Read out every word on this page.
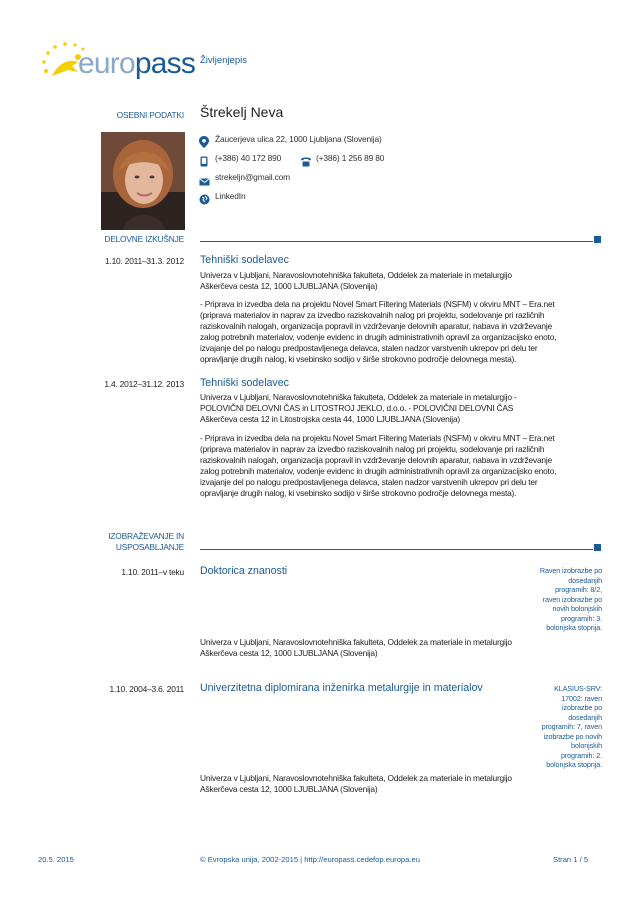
europass Življenjepis
OSEBNI PODATKI Štrekelj Neva
Žaucerjeva ulica 22, 1000 Ljubljana (Slovenija)
(+386) 40 172 890	(+386) 1 256 89 80
strekeljn@gmail.com
LinkedIn
DELOVNE IZKUŠNJE
1.10. 2011–31.3. 2012 Tehniški sodelavec
Univerza v Ljubljani, Naravoslovnotehniška fakulteta, Oddelek za materiale in metalurgijo
Aškerčeva cesta 12, 1000 LJUBLJANA (Slovenija)
- Priprava in izvedba dela na projektu Novel Smart Filtering Materials (NSFM) v okviru MNT – Era.net
(priprava materialov in naprav za izvedbo raziskovalnih nalog pri projektu, sodelovanje pri različnih
raziskovalnih nalogah, organizacija popravil in vzdrževanje delovnih aparatur, nabava in vzdrževanje
zalog potrebnih materialov, vodenje evidenc in drugih administrativnih opravil za organizacijsko enoto,
izvajanje del po nalogu predpostavljenega delavca, stalen nadzor varstvenih ukrepov pri delu ter
opravljanje drugih nalog, ki vsebinsko sodijo v širše strokovno področje delovnega mesta).
1.4. 2012–31.12. 2013 Tehniški sodelavec
Univerza v Ljubljani, Naravoslovnotehniška fakulteta, Oddelek za materiale in metalurgijo -
POLOVIČNI DELOVNI ČAS in LITOSTROJ JEKLO, d.o.o. - POLOVIČNI DELOVNI ČAS
Aškerčeva cesta 12 in Litostrojska cesta 44, 1000 LJUBLJANA (Slovenija)
- Priprava in izvedba dela na projektu Novel Smart Filtering Materials (NSFM) v okviru MNT – Era.net
(priprava materialov in naprav za izvedbo raziskovalnih nalog pri projektu, sodelovanje pri različnih
raziskovalnih nalogah, organizacija popravil in vzdrževanje delovnih aparatur, nabava in vzdrževanje
zalog potrebnih materialov, vodenje evidenc in drugih administrativnih opravil za organizacijsko enoto,
izvajanje del po nalogu predpostavljenega delavca, stalen nadzor varstvenih ukrepov pri delu ter
opravljanje drugih nalog, ki vsebinsko sodijo v širše strokovno področje delovnega mesta).
IZOBRAŽEVANJE IN
USPOSABLJANJE
1.10. 2011–v teku Doktorica znanosti	Raven izobrazbe po
dosedanjih
programih: 8/2,
raven izobrazbe po
novih bolonjskih
programih: 3.
bolonjska stopnja.
Univerza v Ljubljani, Naravoslovnotehniška fakulteta, Oddelek za materiale in metalurgijo
Aškerčeva cesta 12, 1000 LJUBLJANA (Slovenija)
1.10. 2004–3.6. 2011 Univerzitetna diplomirana inženirka metalurgije in materialov	KLASIUS-SRV:
17002: raven
izobrazbe po
dosedanjih
programih: 7, raven
izobrazbe po novih
bolonjskih
programih: 2.
bolonjska stopnja.
Univerza v Ljubljani, Naravoslovnotehniška fakulteta, Oddelek za materiale in metalurgijo
Aškerčeva cesta 12, 1000 LJUBLJANA (Slovenija)
20.5. 2015	© Evropska unija, 2002-2015 | http://europass.cedefop.europa.eu	Stran 1 / 5
